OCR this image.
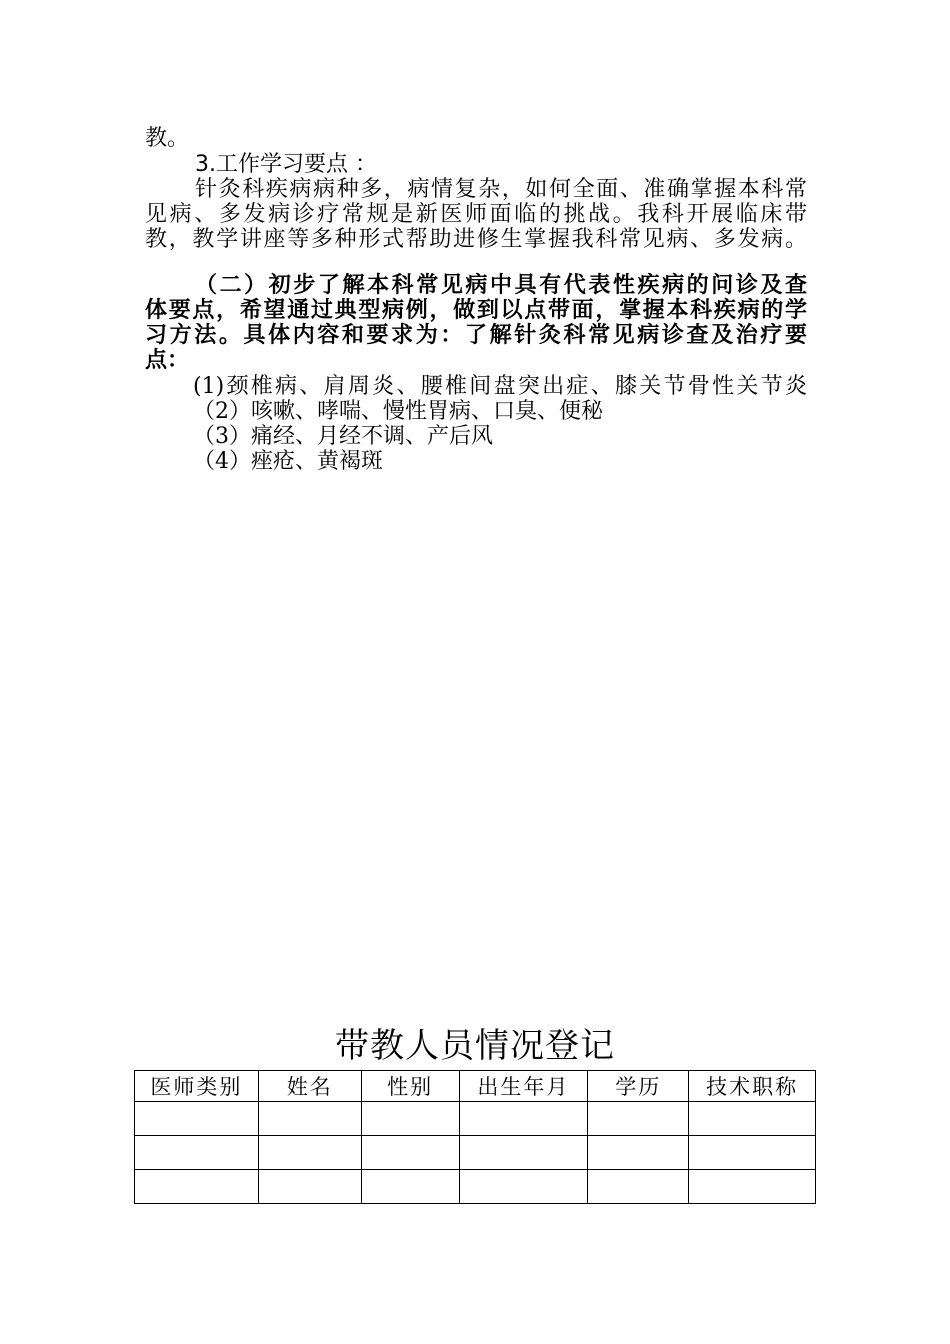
教。
3.工作学习要点 ：
针灸科疾病病种多，病情复杂，如何全面、准确掌握本科常
见病、多发病诊疗常规是新医师面临的挑战。我科开展临床带
教，教学讲座等多种形式帮助进修生掌握我科常见病、多发病。
（二）初步了解本科常见病中具有代表性疾病的问诊及查
体要点，希望通过典型病例，做到以点带面，掌握本科疾病的学
习方法。具体内容和要求为：了解针灸科常见病诊查及治疗要
点：
(1)颈椎病、肩周炎、腰椎间盘突出症、膝关节骨性关节炎
（2）咳嗽、哮喘、慢性胃病、口臭、便秘
（3）痛经、月经不调、产后风
（4）痤疮、黄褐斑
带教人员情况登记
医师类别	姓名	性别	出生年月	学历	技术职称
